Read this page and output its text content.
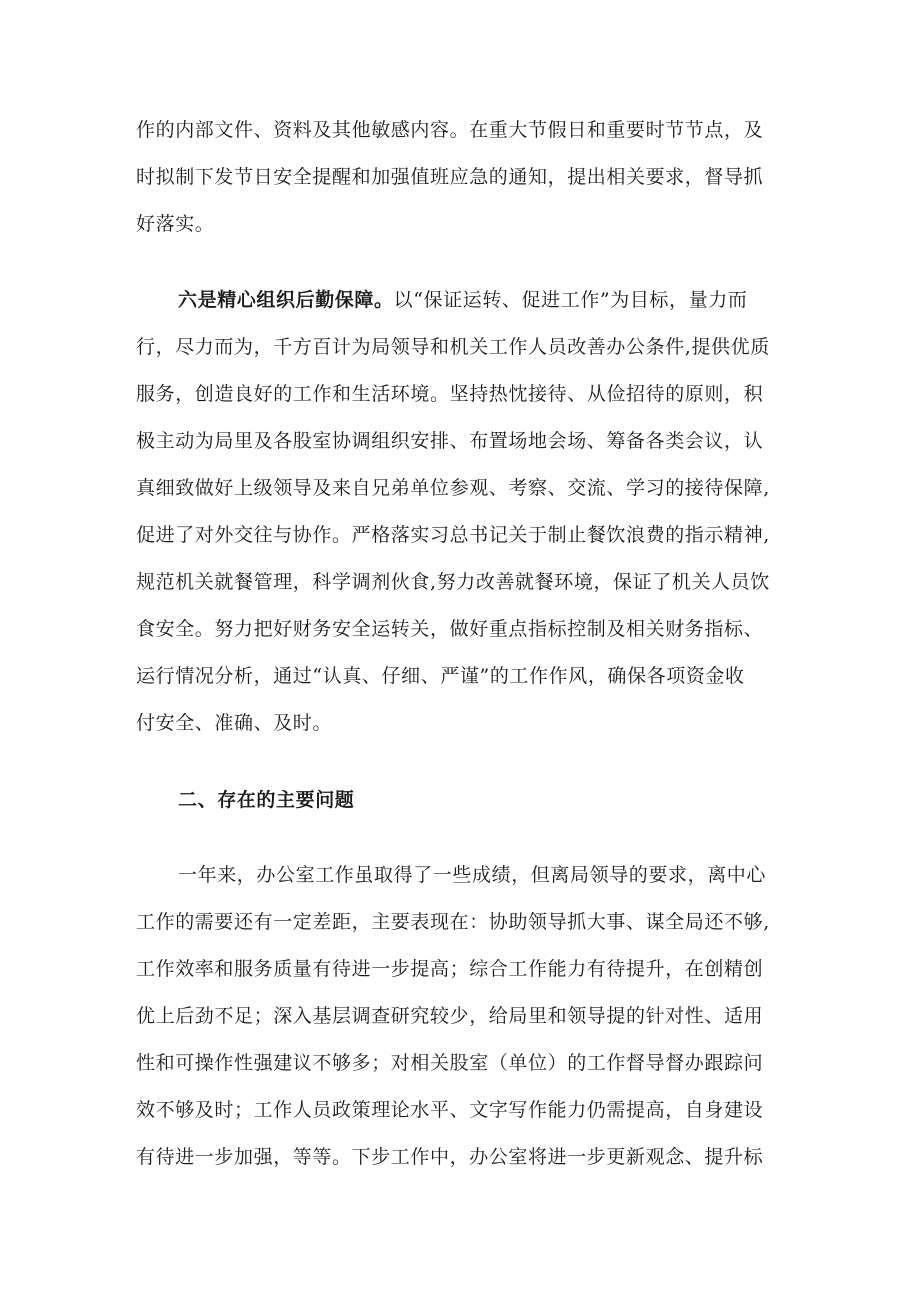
作的内部文件、资料及其他敏感内容。在重大节假日和重要时节节点，及

时拟制下发节日安全提醒和加强值班应急的通知，提出相关要求，督导抓

好落实。

六是精心组织后勤保障。以“保证运转、促进工作”为目标，量力而

行，尽力而为，千方百计为局领导和机关工作人员改善办公条件,提供优质

服务，创造良好的工作和生活环境。坚持热忱接待、从俭招待的原则，积

极主动为局里及各股室协调组织安排、布置场地会场、筹备各类会议，认

真细致做好上级领导及来自兄弟单位参观、考察、交流、学习的接待保障,

促进了对外交往与协作。严格落实习总书记关于制止餐饮浪费的指示精神,

规范机关就餐管理，科学调剂伙食,努力改善就餐环境，保证了机关人员饮

食安全。努力把好财务安全运转关，做好重点指标控制及相关财务指标、

运行情况分析，通过“认真、仔细、严谨”的工作作风，确保各项资金收

付安全、准确、及时。

二、存在的主要问题

一年来，办公室工作虽取得了一些成绩，但离局领导的要求，离中心

工作的需要还有一定差距，主要表现在：协助领导抓大事、谋全局还不够,

工作效率和服务质量有待进一步提高；综合工作能力有待提升，在创精创

优上后劲不足；深入基层调查研究较少，给局里和领导提的针对性、适用

性和可操作性强建议不够多；对相关股室（单位）的工作督导督办跟踪问

效不够及时；工作人员政策理论水平、文字写作能力仍需提高，自身建设

有待进一步加强，等等。下步工作中，办公室将进一步更新观念、提升标
